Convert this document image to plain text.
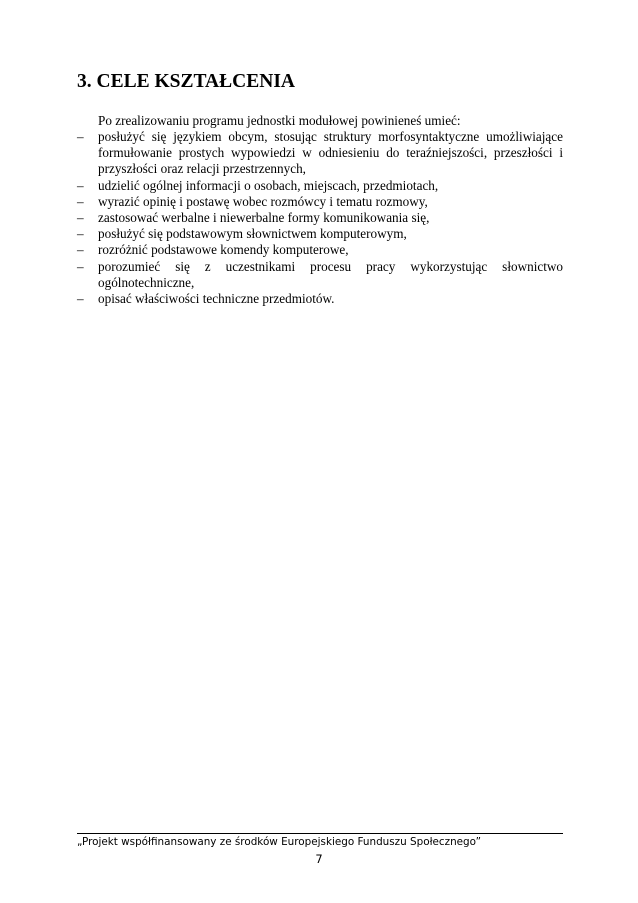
3. CELE KSZTAŁCENIA

Po zrealizowaniu programu jednostki modułowej powinieneś umieć:

– posłużyć się językiem obcym, stosując struktury morfosyntaktyczne umożliwiające formułowanie prostych wypowiedzi w odniesieniu do teraźniejszości, przeszłości i przyszłości oraz relacji przestrzennych,
– udzielić ogólnej informacji o osobach, miejscach, przedmiotach,
– wyrazić opinię i postawę wobec rozmówcy i tematu rozmowy,
– zastosować werbalne i niewerbalne formy komunikowania się,
– posłużyć się podstawowym słownictwem komputerowym,
– rozróżnić podstawowe komendy komputerowe,
– porozumieć się z uczestnikami procesu pracy wykorzystując słownictwo ogólnotechniczne,
– opisać właściwości techniczne przedmiotów.
„Projekt współfinansowany ze środków Europejskiego Funduszu Społecznego”
7
